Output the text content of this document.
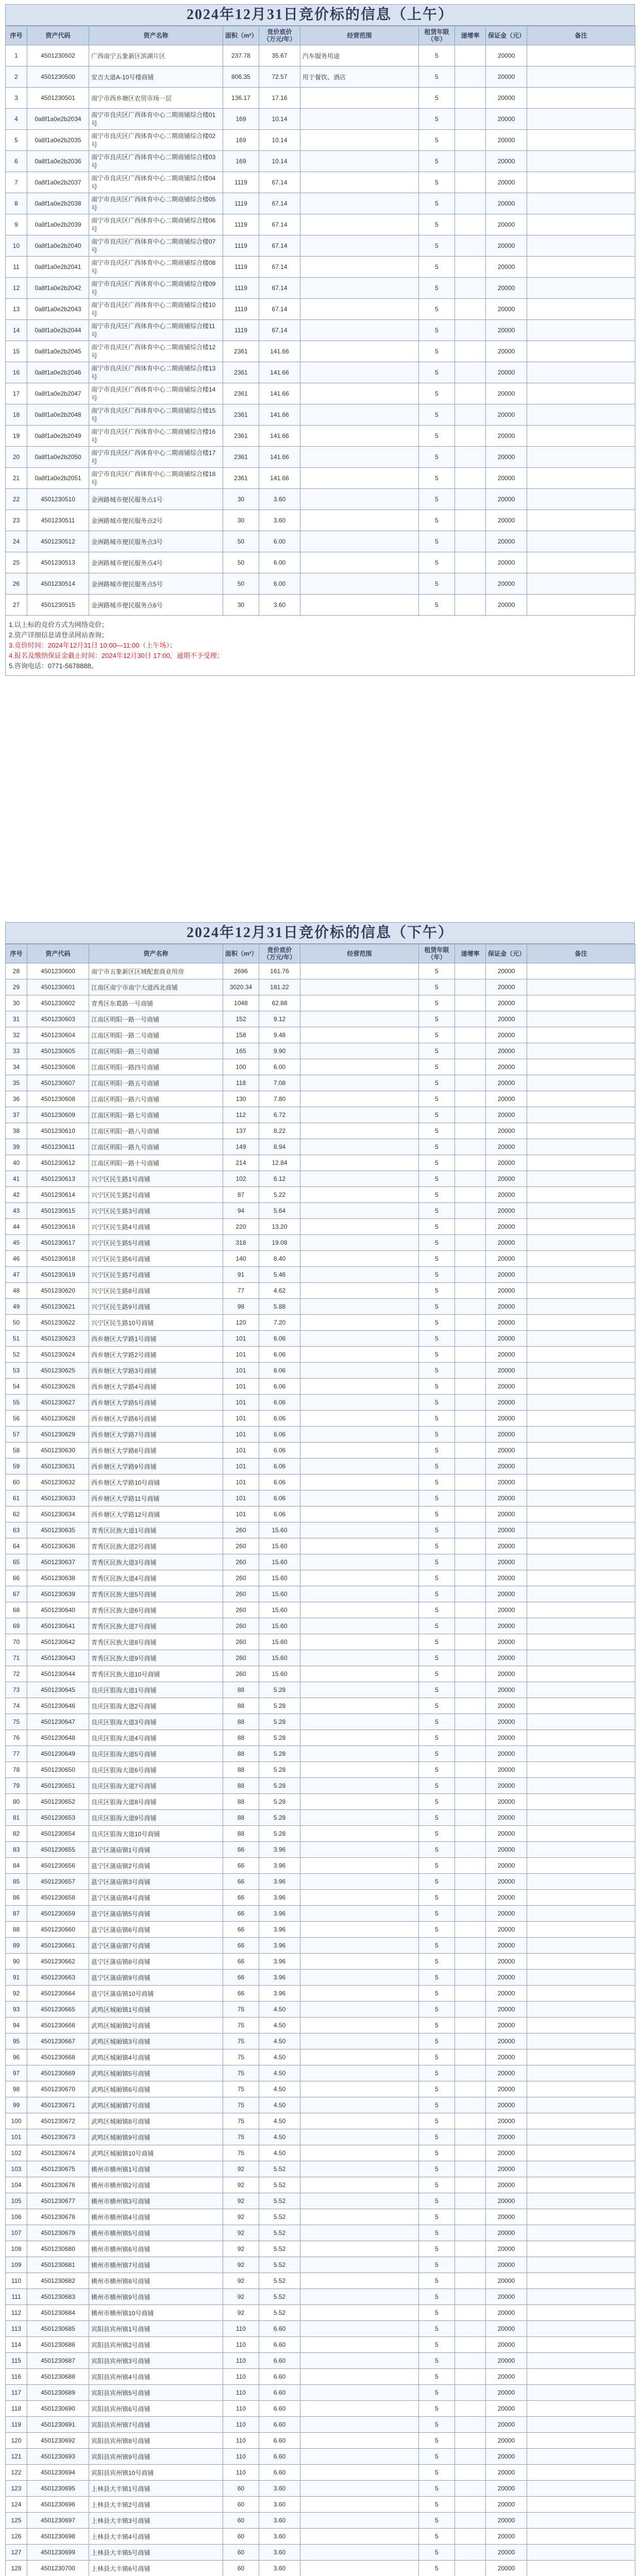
2024年12月31日竞价标的信息（上午）
序号	资产代码	资产名称	面积（m²）	竞价底价（万元/年）	经营范围	租赁年限（年）	递增率	保证金（元）	备注
1	4501230502	广西南宁五象新区滨湖片区	237.78	35.67	汽车服务用途	5		20000	
2	4501230500	安吉大道A-10号楼商铺	806.35	72.57	用于餐饮、酒店	5		20000	
3	4501230501	南宁市西乡塘区农贸市场一层	136.17	17.16		5		20000	
4	0a8f1a0e2b2034	南宁市良庆区广西体育中心二期商铺综合楼01号	169	10.14		5		20000	
5	0a8f1a0e2b2035	南宁市良庆区广西体育中心二期商铺综合楼02号	169	10.14		5		20000	
6	0a8f1a0e2b2036	南宁市良庆区广西体育中心二期商铺综合楼03号	169	10.14		5		20000	
7	0a8f1a0e2b2037	南宁市良庆区广西体育中心二期商铺综合楼04号	1119	67.14		5		20000	
8	0a8f1a0e2b2038	南宁市良庆区广西体育中心二期商铺综合楼05号	1119	67.14		5		20000	
9	0a8f1a0e2b2039	南宁市良庆区广西体育中心二期商铺综合楼06号	1119	67.14		5		20000	
10	0a8f1a0e2b2040	南宁市良庆区广西体育中心二期商铺综合楼07号	1119	67.14		5		20000	
11	0a8f1a0e2b2041	南宁市良庆区广西体育中心二期商铺综合楼08号	1119	67.14		5		20000	
12	0a8f1a0e2b2042	南宁市良庆区广西体育中心二期商铺综合楼09号	1119	67.14		5		20000	
13	0a8f1a0e2b2043	南宁市良庆区广西体育中心二期商铺综合楼10号	1119	67.14		5		20000	
14	0a8f1a0e2b2044	南宁市良庆区广西体育中心二期商铺综合楼11号	1119	67.14		5		20000	
15	0a8f1a0e2b2045	南宁市良庆区广西体育中心二期商铺综合楼12号	2361	141.66		5		20000	
16	0a8f1a0e2b2046	南宁市良庆区广西体育中心二期商铺综合楼13号	2361	141.66		5		20000	
17	0a8f1a0e2b2047	南宁市良庆区广西体育中心二期商铺综合楼14号	2361	141.66		5		20000	
18	0a8f1a0e2b2048	南宁市良庆区广西体育中心二期商铺综合楼15号	2361	141.66		5		20000	
19	0a8f1a0e2b2049	南宁市良庆区广西体育中心二期商铺综合楼16号	2361	141.66		5		20000	
20	0a8f1a0e2b2050	南宁市良庆区广西体育中心二期商铺综合楼17号	2361	141.66		5		20000	
21	0a8f1a0e2b2051	南宁市良庆区广西体育中心二期商铺综合楼18号	2361	141.66		5		20000	
22	4501230510	金洲路城市便民服务点1号	30	3.60		5		20000	
23	4501230511	金洲路城市便民服务点2号	30	3.60		5		20000	
24	4501230512	金洲路城市便民服务点3号	50	6.00		5		20000	
25	4501230513	金洲路城市便民服务点4号	50	6.00		5		20000	
26	4501230514	金洲路城市便民服务点5号	50	6.00		5		20000	
27	4501230515	金洲路城市便民服务点6号	30	3.60		5		20000	

1.以上标的竞价方式为网络竞价；

2.资产详细信息请登录网站查询；

3.竞价时间：2024年12月31日 10:00—11:00（上午场）；

4.报名及缴纳保证金截止时间：2024年12月30日 17:00，逾期不予受理；

5.咨询电话：0771-5678888。

2024年12月31日竞价标的信息（下午）
序号	资产代码	资产名称	面积（m²）	竞价底价（万元/年）	经营范围	租赁年限（年）	递增率	保证金（元）	备注
28	4501230600	南宁市五象新区区域配套商业用房	2696	161.76		5		20000	
29	4501230601	江南区南宁市南宁大道西北商铺	3020.34	181.22		5		20000	
30	4501230602	青秀区东葛路一号商铺	1048	62.88		5		20000	
31	4501230603	江南区明阳一路一号商铺	152	9.12		5		20000	
32	4501230604	江南区明阳一路二号商铺	158	9.48		5		20000	
33	4501230605	江南区明阳一路三号商铺	165	9.90		5		20000	
34	4501230606	江南区明阳一路四号商铺	100	6.00		5		20000	
35	4501230607	江南区明阳一路五号商铺	118	7.08		5		20000	
36	4501230608	江南区明阳一路六号商铺	130	7.80		5		20000	
37	4501230609	江南区明阳一路七号商铺	112	6.72		5		20000	
38	4501230610	江南区明阳一路八号商铺	137	8.22		5		20000	
39	4501230611	江南区明阳一路九号商铺	149	8.94		5		20000	
40	4501230612	江南区明阳一路十号商铺	214	12.84		5		20000	
41	4501230613	兴宁区民生路1号商铺	102	6.12		5		20000	
42	4501230614	兴宁区民生路2号商铺	87	5.22		5		20000	
43	4501230615	兴宁区民生路3号商铺	94	5.64		5		20000	
44	4501230616	兴宁区民生路4号商铺	220	13.20		5		20000	
45	4501230617	兴宁区民生路5号商铺	318	19.08		5		20000	
46	4501230618	兴宁区民生路6号商铺	140	8.40		5		20000	
47	4501230619	兴宁区民生路7号商铺	91	5.46		5		20000	
48	4501230620	兴宁区民生路8号商铺	77	4.62		5		20000	
49	4501230621	兴宁区民生路9号商铺	98	5.88		5		20000	
50	4501230622	兴宁区民生路10号商铺	120	7.20		5		20000	
51	4501230623	西乡塘区大学路1号商铺	101	6.06		5		20000	
52	4501230624	西乡塘区大学路2号商铺	101	6.06		5		20000	
53	4501230625	西乡塘区大学路3号商铺	101	6.06		5		20000	
54	4501230626	西乡塘区大学路4号商铺	101	6.06		5		20000	
55	4501230627	西乡塘区大学路5号商铺	101	6.06		5		20000	
56	4501230628	西乡塘区大学路6号商铺	101	6.06		5		20000	
57	4501230629	西乡塘区大学路7号商铺	101	6.06		5		20000	
58	4501230630	西乡塘区大学路8号商铺	101	6.06		5		20000	
59	4501230631	西乡塘区大学路9号商铺	101	6.06		5		20000	
60	4501230632	西乡塘区大学路10号商铺	101	6.06		5		20000	
61	4501230633	西乡塘区大学路11号商铺	101	6.06		5		20000	
62	4501230634	西乡塘区大学路12号商铺	101	6.06		5		20000	
63	4501230635	青秀区民族大道1号商铺	260	15.60		5		20000	
64	4501230636	青秀区民族大道2号商铺	260	15.60		5		20000	
65	4501230637	青秀区民族大道3号商铺	260	15.60		5		20000	
66	4501230638	青秀区民族大道4号商铺	260	15.60		5		20000	
67	4501230639	青秀区民族大道5号商铺	260	15.60		5		20000	
68	4501230640	青秀区民族大道6号商铺	260	15.60		5		20000	
69	4501230641	青秀区民族大道7号商铺	260	15.60		5		20000	
70	4501230642	青秀区民族大道8号商铺	260	15.60		5		20000	
71	4501230643	青秀区民族大道9号商铺	260	15.60		5		20000	
72	4501230644	青秀区民族大道10号商铺	260	15.60		5		20000	
73	4501230645	良庆区银海大道1号商铺	88	5.28		5		20000	
74	4501230646	良庆区银海大道2号商铺	88	5.28		5		20000	
75	4501230647	良庆区银海大道3号商铺	88	5.28		5		20000	
76	4501230648	良庆区银海大道4号商铺	88	5.28		5		20000	
77	4501230649	良庆区银海大道5号商铺	88	5.28		5		20000	
78	4501230650	良庆区银海大道6号商铺	88	5.28		5		20000	
79	4501230651	良庆区银海大道7号商铺	88	5.28		5		20000	
80	4501230652	良庆区银海大道8号商铺	88	5.28		5		20000	
81	4501230653	良庆区银海大道9号商铺	88	5.28		5		20000	
82	4501230654	良庆区银海大道10号商铺	88	5.28		5		20000	
83	4501230655	邕宁区蒲庙镇1号商铺	66	3.96		5		20000	
84	4501230656	邕宁区蒲庙镇2号商铺	66	3.96		5		20000	
85	4501230657	邕宁区蒲庙镇3号商铺	66	3.96		5		20000	
86	4501230658	邕宁区蒲庙镇4号商铺	66	3.96		5		20000	
87	4501230659	邕宁区蒲庙镇5号商铺	66	3.96		5		20000	
88	4501230660	邕宁区蒲庙镇6号商铺	66	3.96		5		20000	
89	4501230661	邕宁区蒲庙镇7号商铺	66	3.96		5		20000	
90	4501230662	邕宁区蒲庙镇8号商铺	66	3.96		5		20000	
91	4501230663	邕宁区蒲庙镇9号商铺	66	3.96		5		20000	
92	4501230664	邕宁区蒲庙镇10号商铺	66	3.96		5		20000	
93	4501230665	武鸣区城厢镇1号商铺	75	4.50		5		20000	
94	4501230666	武鸣区城厢镇2号商铺	75	4.50		5		20000	
95	4501230667	武鸣区城厢镇3号商铺	75	4.50		5		20000	
96	4501230668	武鸣区城厢镇4号商铺	75	4.50		5		20000	
97	4501230669	武鸣区城厢镇5号商铺	75	4.50		5		20000	
98	4501230670	武鸣区城厢镇6号商铺	75	4.50		5		20000	
99	4501230671	武鸣区城厢镇7号商铺	75	4.50		5		20000	
100	4501230672	武鸣区城厢镇8号商铺	75	4.50		5		20000	
101	4501230673	武鸣区城厢镇9号商铺	75	4.50		5		20000	
102	4501230674	武鸣区城厢镇10号商铺	75	4.50		5		20000	
103	4501230675	横州市横州镇1号商铺	92	5.52		5		20000	
104	4501230676	横州市横州镇2号商铺	92	5.52		5		20000	
105	4501230677	横州市横州镇3号商铺	92	5.52		5		20000	
106	4501230678	横州市横州镇4号商铺	92	5.52		5		20000	
107	4501230679	横州市横州镇5号商铺	92	5.52		5		20000	
108	4501230680	横州市横州镇6号商铺	92	5.52		5		20000	
109	4501230681	横州市横州镇7号商铺	92	5.52		5		20000	
110	4501230682	横州市横州镇8号商铺	92	5.52		5		20000	
111	4501230683	横州市横州镇9号商铺	92	5.52		5		20000	
112	4501230684	横州市横州镇10号商铺	92	5.52		5		20000	
113	4501230685	宾阳县宾州镇1号商铺	110	6.60		5		20000	
114	4501230686	宾阳县宾州镇2号商铺	110	6.60		5		20000	
115	4501230687	宾阳县宾州镇3号商铺	110	6.60		5		20000	
116	4501230688	宾阳县宾州镇4号商铺	110	6.60		5		20000	
117	4501230689	宾阳县宾州镇5号商铺	110	6.60		5		20000	
118	4501230690	宾阳县宾州镇6号商铺	110	6.60		5		20000	
119	4501230691	宾阳县宾州镇7号商铺	110	6.60		5		20000	
120	4501230692	宾阳县宾州镇8号商铺	110	6.60		5		20000	
121	4501230693	宾阳县宾州镇9号商铺	110	6.60		5		20000	
122	4501230694	宾阳县宾州镇10号商铺	110	6.60		5		20000	
123	4501230695	上林县大丰镇1号商铺	60	3.60		5		20000	
124	4501230696	上林县大丰镇2号商铺	60	3.60		5		20000	
125	4501230697	上林县大丰镇3号商铺	60	3.60		5		20000	
126	4501230698	上林县大丰镇4号商铺	60	3.60		5		20000	
127	4501230699	上林县大丰镇5号商铺	60	3.60		5		20000	
128	4501230700	上林县大丰镇6号商铺	60	3.60		5		20000	
